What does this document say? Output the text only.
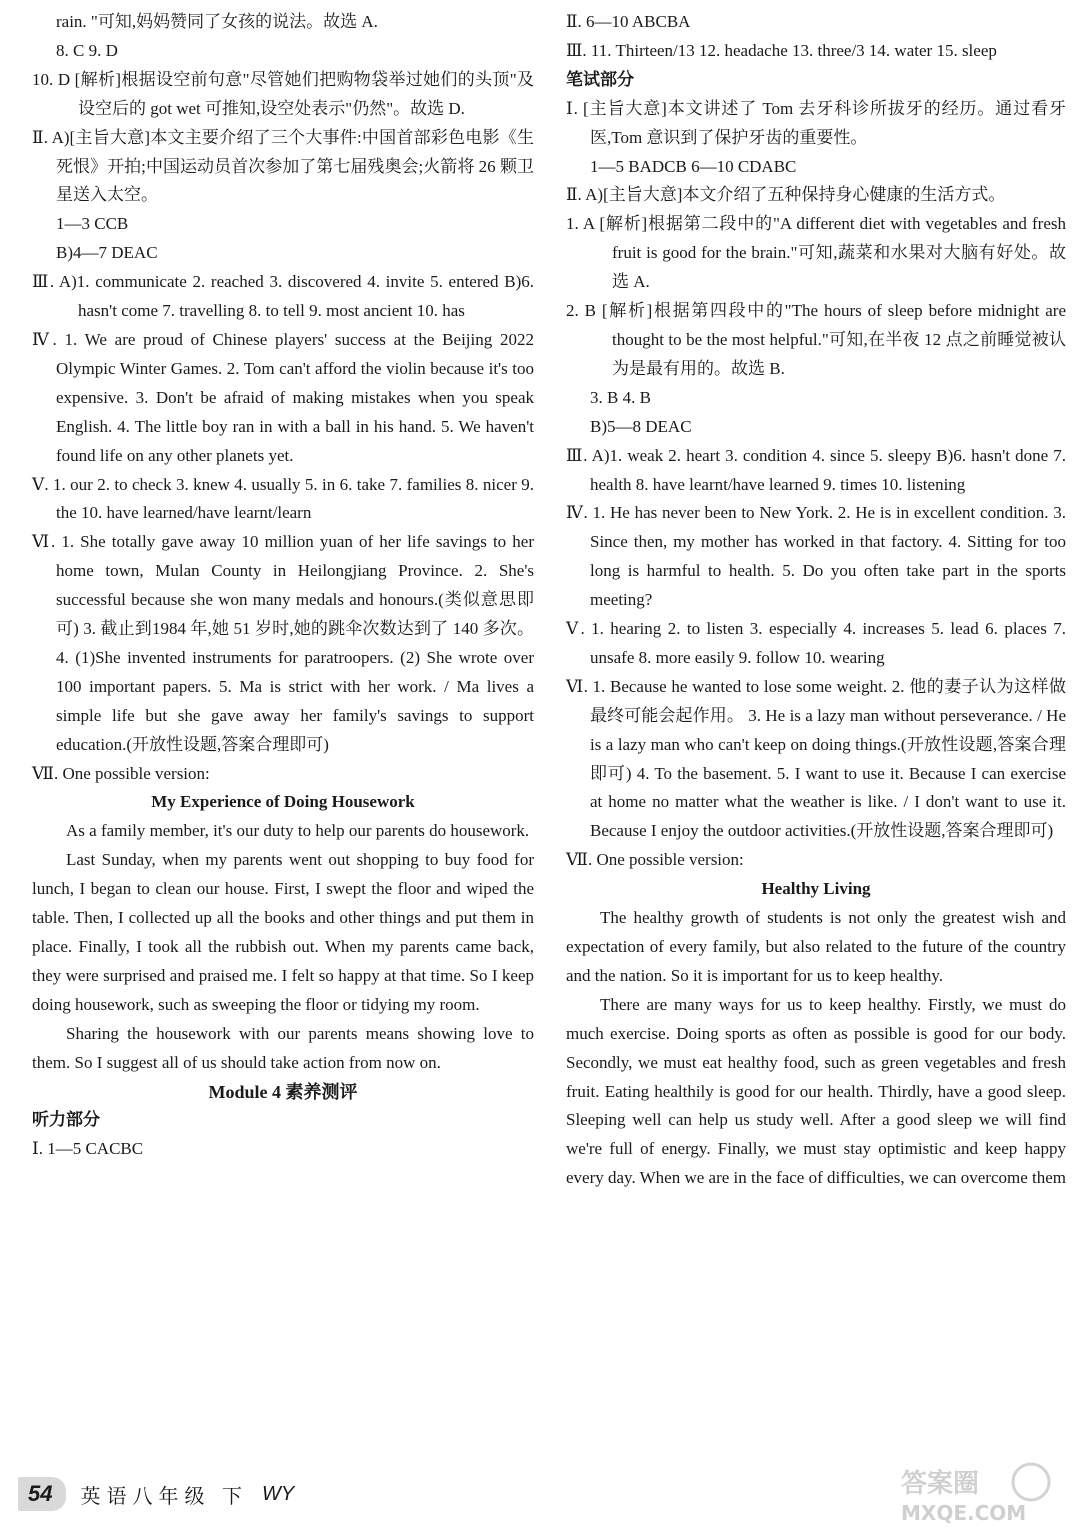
rain. "可知,妈妈赞同了女孩的说法。故选 A.

8. C 9. D

10. D [解析]根据设空前句意"尽管她们把购物袋举过她们的头顶"及设空后的 got wet 可推知,设空处表示"仍然"。故选 D.

Ⅱ. A)[主旨大意]本文主要介绍了三个大事件:中国首部彩色电影《生死恨》开拍;中国运动员首次参加了第七届残奥会;火箭将 26 颗卫星送入太空。

1—3 CCB

B)4—7 DEAC

Ⅲ. A)1. communicate 2. reached 3. discovered 4. invite 5. entered B)6. hasn't come 7. travelling 8. to tell 9. most ancient 10. has

Ⅳ. 1. We are proud of Chinese players' success at the Beijing 2022 Olympic Winter Games. 2. Tom can't afford the violin because it's too expensive. 3. Don't be afraid of making mistakes when you speak English. 4. The little boy ran in with a ball in his hand. 5. We haven't found life on any other planets yet.

Ⅴ. 1. our 2. to check 3. knew 4. usually 5. in 6. take 7. families 8. nicer 9. the 10. have learned/have learnt/learn

Ⅵ. 1. She totally gave away 10 million yuan of her life savings to her home town, Mulan County in Heilongjiang Province. 2. She's successful because she won many medals and honours.(类似意思即可) 3. 截止到1984 年,她 51 岁时,她的跳伞次数达到了 140 多次。 4. (1)She invented instruments for paratroopers. (2) She wrote over 100 important papers. 5. Ma is strict with her work. / Ma lives a simple life but she gave away her family's savings to support education.(开放性设题,答案合理即可)

Ⅶ. One possible version:

My Experience of Doing Housework

As a family member, it's our duty to help our parents do housework.

Last Sunday, when my parents went out shopping to buy food for lunch, I began to clean our house. First, I swept the floor and wiped the table. Then, I collected up all the books and other things and put them in place. Finally, I took all the rubbish out. When my parents came back, they were surprised and praised me. I felt so happy at that time. So I keep doing housework, such as sweeping the floor or tidying my room.

Sharing the housework with our parents means showing love to them. So I suggest all of us should take action from now on.

Module 4 素养测评

听力部分

Ⅰ. 1—5 CACBC

Ⅱ. 6—10 ABCBA

Ⅲ. 11. Thirteen/13 12. headache 13. three/3 14. water 15. sleep

笔试部分

Ⅰ. [主旨大意]本文讲述了 Tom 去牙科诊所拔牙的经历。通过看牙医,Tom 意识到了保护牙齿的重要性。

1—5 BADCB 6—10 CDABC

Ⅱ. A)[主旨大意]本文介绍了五种保持身心健康的生活方式。

1. A [解析]根据第二段中的"A different diet with vegetables and fresh fruit is good for the brain."可知,蔬菜和水果对大脑有好处。故选 A.

2. B [解析]根据第四段中的"The hours of sleep before midnight are thought to be the most helpful."可知,在半夜 12 点之前睡觉被认为是最有用的。故选 B.

3. B 4. B

B)5—8 DEAC

Ⅲ. A)1. weak 2. heart 3. condition 4. since 5. sleepy B)6. hasn't done 7. health 8. have learnt/have learned 9. times 10. listening

Ⅳ. 1. He has never been to New York. 2. He is in excellent condition. 3. Since then, my mother has worked in that factory. 4. Sitting for too long is harmful to health. 5. Do you often take part in the sports meeting?

Ⅴ. 1. hearing 2. to listen 3. especially 4. increases 5. lead 6. places 7. unsafe 8. more easily 9. follow 10. wearing

Ⅵ. 1. Because he wanted to lose some weight. 2. 他的妻子认为这样做最终可能会起作用。 3. He is a lazy man without perseverance. / He is a lazy man who can't keep on doing things.(开放性设题,答案合理即可) 4. To the basement. 5. I want to use it. Because I can exercise at home no matter what the weather is like. / I don't want to use it. Because I enjoy the outdoor activities.(开放性设题,答案合理即可)

Ⅶ. One possible version:

Healthy Living

The healthy growth of students is not only the greatest wish and expectation of every family, but also related to the future of the country and the nation. So it is important for us to keep healthy.

There are many ways for us to keep healthy. Firstly, we must do much exercise. Doing sports as often as possible is good for our body. Secondly, we must eat healthy food, such as green vegetables and fresh fruit. Eating healthily is good for our health. Thirdly, have a good sleep. Sleeping well can help us study well. After a good sleep we will find we're full of energy. Finally, we must stay optimistic and keep happy every day. When we are in the face of difficulties, we can overcome them

54	英语八年级 下 WY	答案圈
MXQE.COM
